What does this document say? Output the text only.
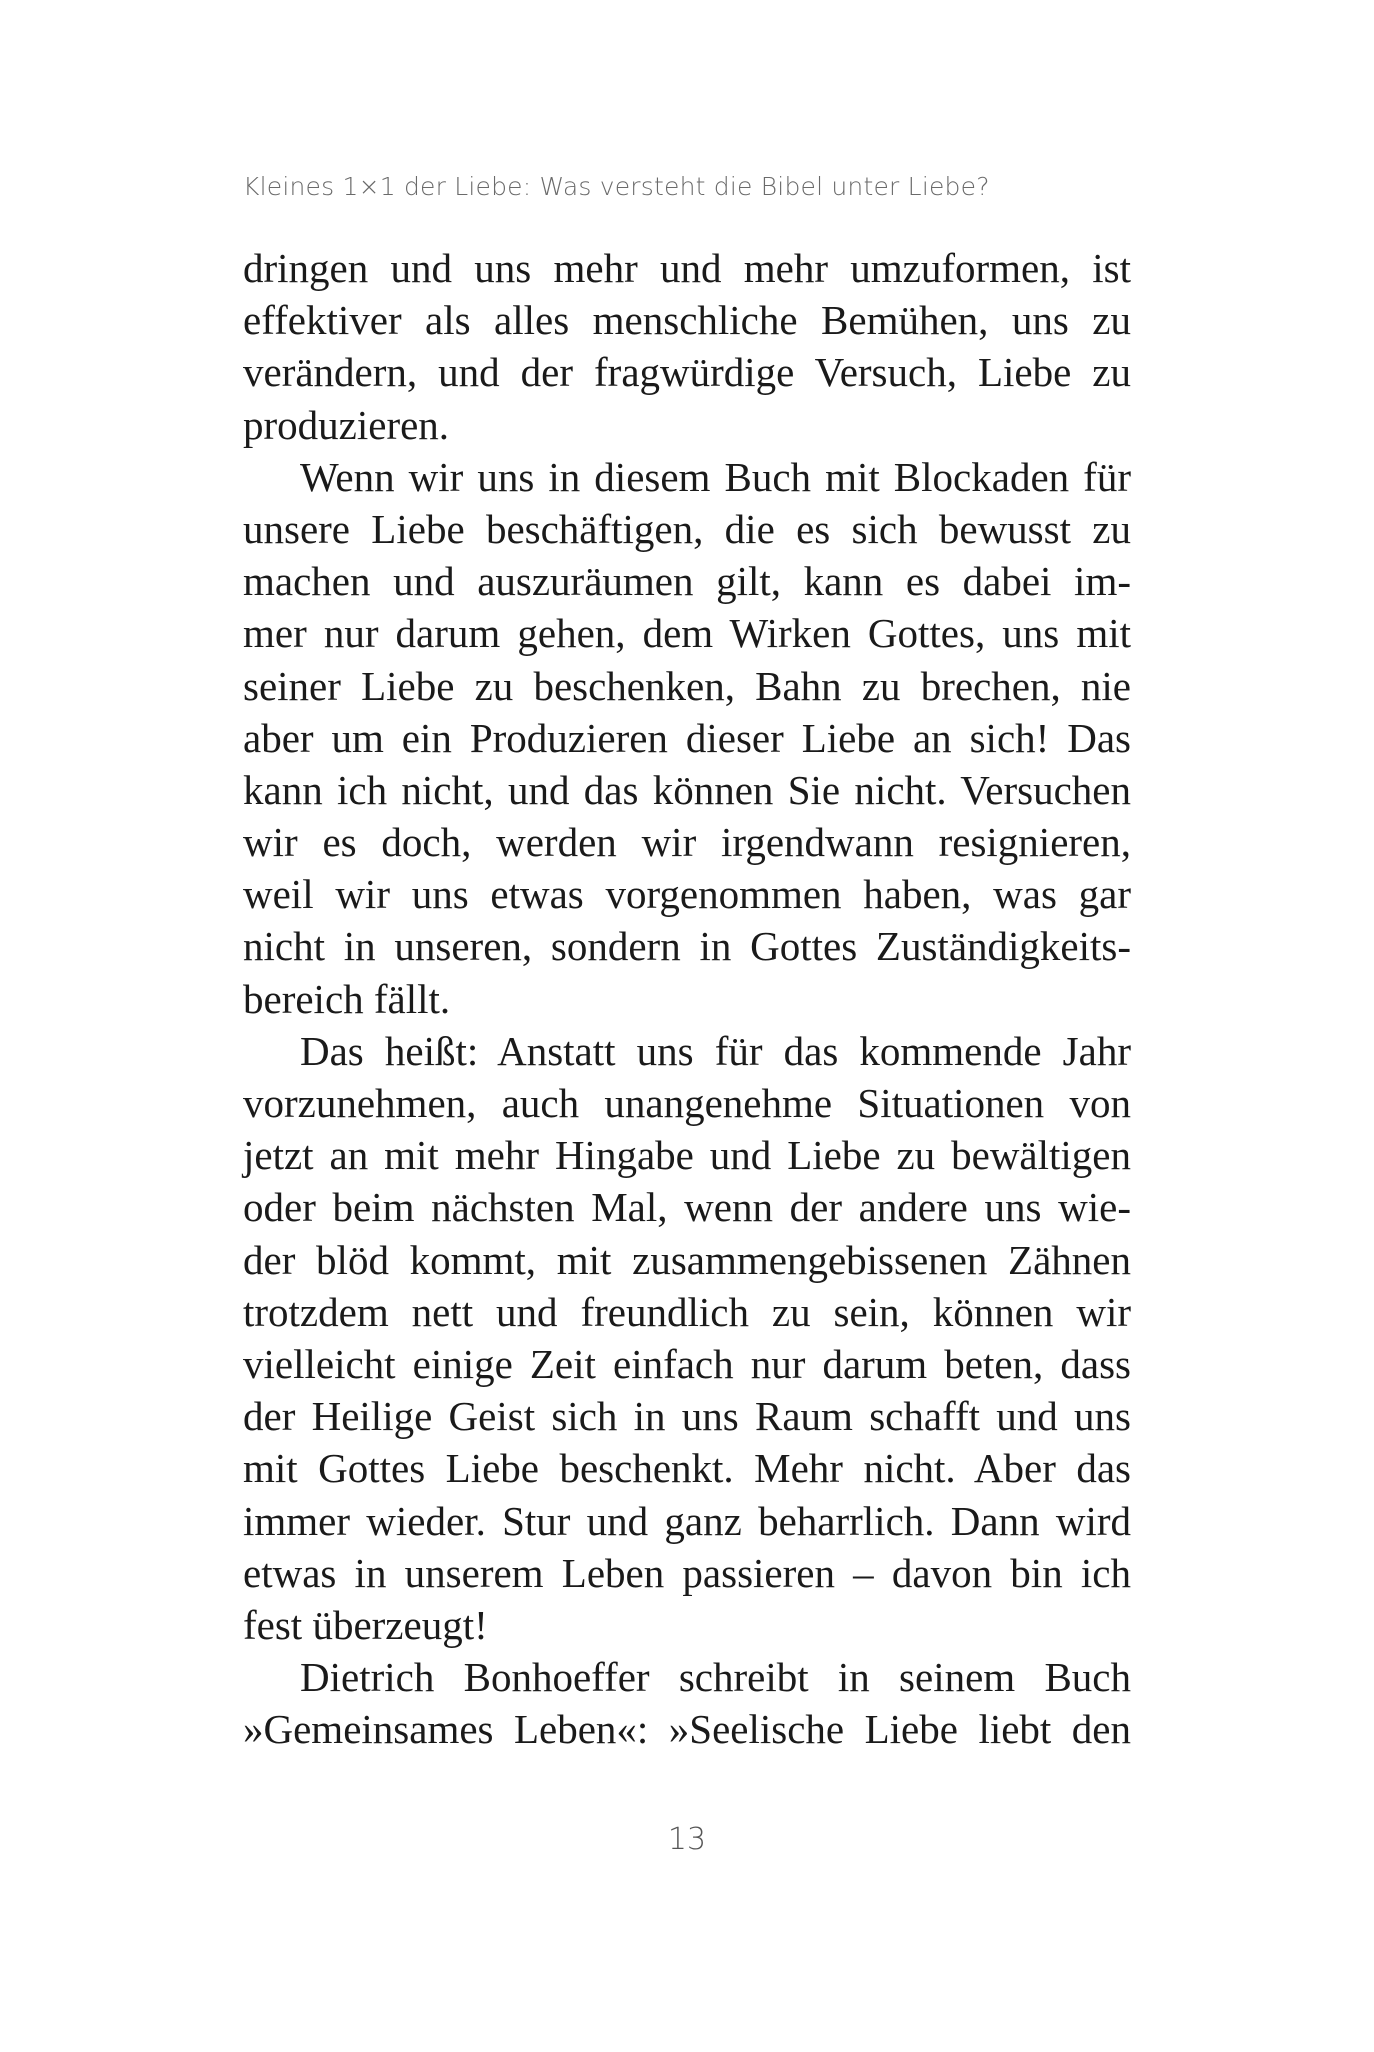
Kleines 1×1 der Liebe: Was versteht die Bibel unter Liebe?
dringen und uns mehr und mehr umzuformen, ist
effektiver als alles menschliche Bemühen, uns zu
verändern, und der fragwürdige Versuch, Liebe zu
produzieren.
Wenn wir uns in diesem Buch mit Blockaden für
unsere Liebe beschäftigen, die es sich bewusst zu
machen und auszuräumen gilt, kann es dabei im-
mer nur darum gehen, dem Wirken Gottes, uns mit
seiner Liebe zu beschenken, Bahn zu brechen, nie
aber um ein Produzieren dieser Liebe an sich! Das
kann ich nicht, und das können Sie nicht. Versuchen
wir es doch, werden wir irgendwann resignieren,
weil wir uns etwas vorgenommen haben, was gar
nicht in unseren, sondern in Gottes Zuständigkeits-
bereich fällt.
Das heißt: Anstatt uns für das kommende Jahr
vorzunehmen, auch unangenehme Situationen von
jetzt an mit mehr Hingabe und Liebe zu bewältigen
oder beim nächsten Mal, wenn der andere uns wie-
der blöd kommt, mit zusammengebissenen Zähnen
trotzdem nett und freundlich zu sein, können wir
vielleicht einige Zeit einfach nur darum beten, dass
der Heilige Geist sich in uns Raum schafft und uns
mit Gottes Liebe beschenkt. Mehr nicht. Aber das
immer wieder. Stur und ganz beharrlich. Dann wird
etwas in unserem Leben passieren – davon bin ich
fest überzeugt!
Dietrich Bonhoeffer schreibt in seinem Buch
»Gemeinsames Leben«: »Seelische Liebe liebt den
13
